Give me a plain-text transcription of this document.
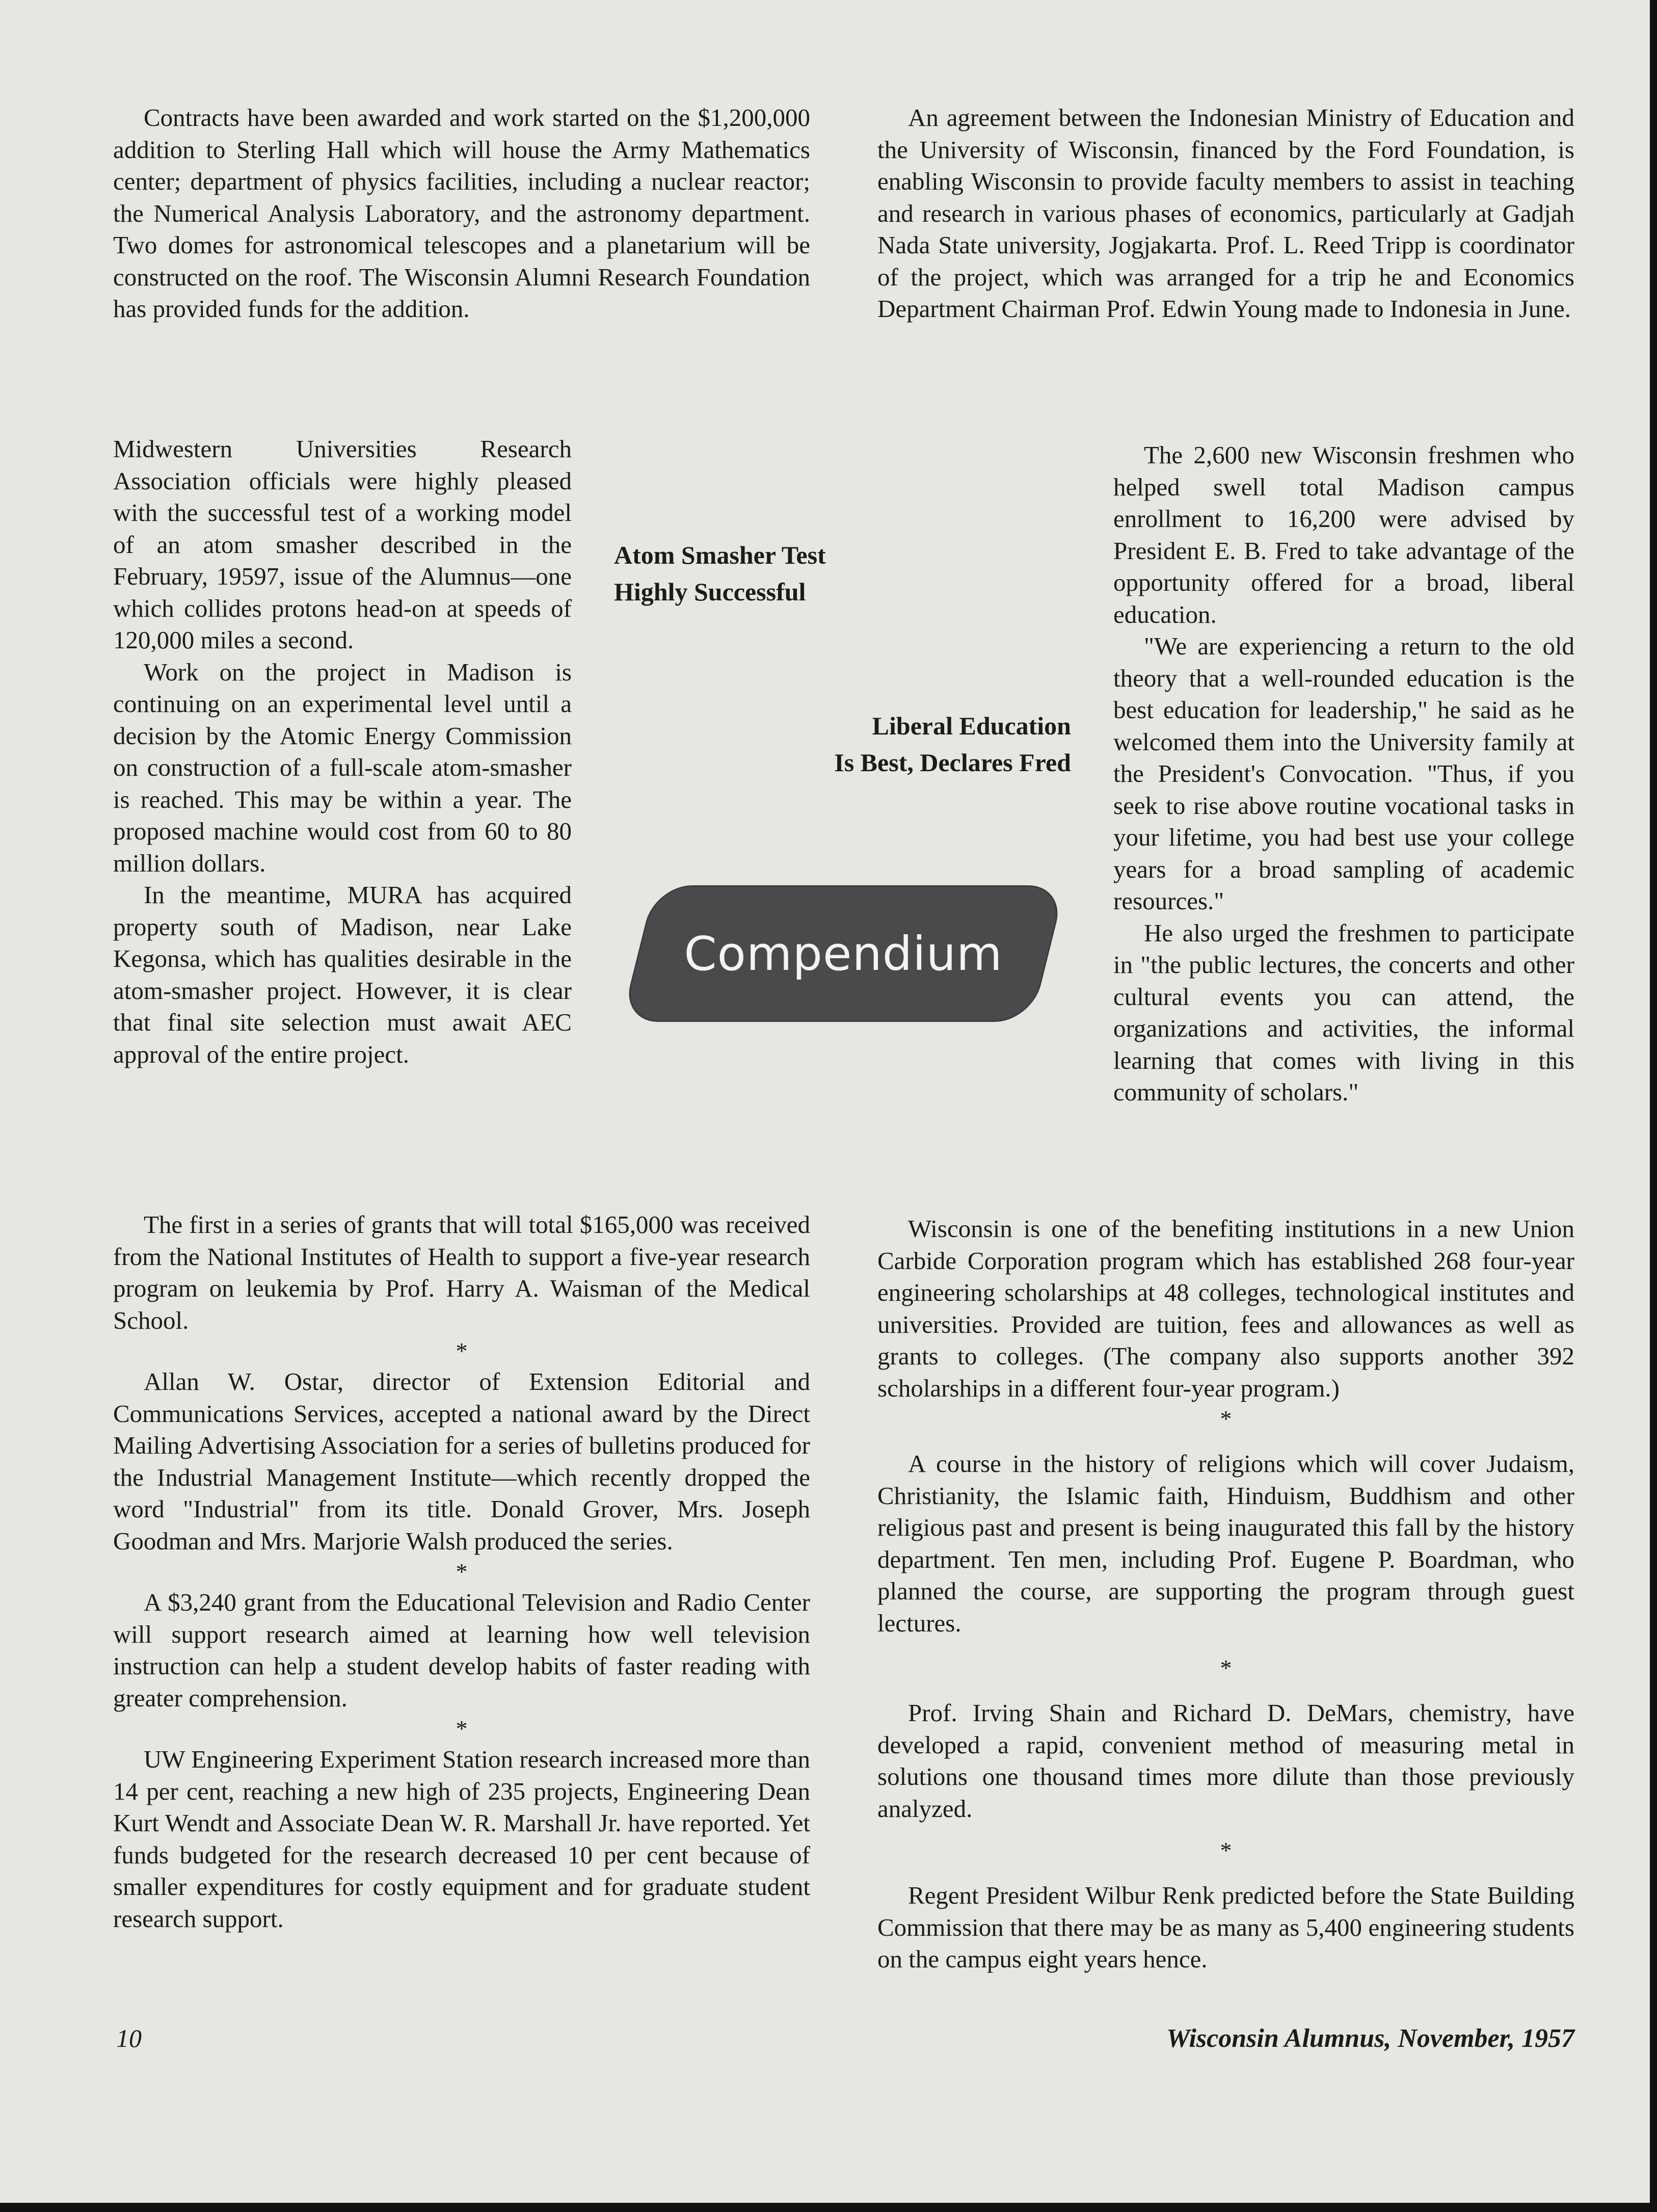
Contracts have been awarded and work started on the $1,200,000 addition to Sterling Hall which will house the Army Mathematics center; department of physics facilities, including a nuclear reactor; the Numerical Analysis Laboratory, and the astronomy department. Two domes for astronomical telescopes and a planetarium will be constructed on the roof. The Wisconsin Alumni Research Foundation has provided funds for the addition.

An agreement between the Indonesian Ministry of Education and the University of Wisconsin, financed by the Ford Foundation, is enabling Wisconsin to provide faculty members to assist in teaching and research in various phases of economics, particularly at Gadjah Nada State university, Jogjakarta. Prof. L. Reed Tripp is coordinator of the project, which was arranged for a trip he and Economics Department Chairman Prof. Edwin Young made to Indonesia in June.

Midwestern Universities Research Association officials were highly pleased with the successful test of a working model of an atom smasher described in the February, 19597, issue of the Alumnus—one which collides protons head-on at speeds of 120,000 miles a second.

Work on the project in Madison is continuing on an experimental level until a decision by the Atomic Energy Commission on construction of a full-scale atom-smasher is reached. This may be within a year. The proposed machine would cost from 60 to 80 million dollars.

In the meantime, MURA has acquired property south of Madison, near Lake Kegonsa, which has qualities desirable in the atom-smasher project. However, it is clear that final site selection must await AEC approval of the entire project.

Atom Smasher Test
Highly Successful
Liberal Education
Is Best, Declares Fred
Compendium

The 2,600 new Wisconsin freshmen who helped swell total Madison campus enrollment to 16,200 were advised by President E. B. Fred to take advantage of the opportunity offered for a broad, liberal education.

"We are experiencing a return to the old theory that a well-rounded education is the best education for leadership," he said as he welcomed them into the University family at the President's Convocation. "Thus, if you seek to rise above routine vocational tasks in your lifetime, you had best use your college years for a broad sampling of academic resources."

He also urged the freshmen to participate in "the public lectures, the concerts and other cultural events you can attend, the organizations and activities, the informal learning that comes with living in this community of scholars."

The first in a series of grants that will total $165,000 was received from the National Institutes of Health to support a five-year research program on leukemia by Prof. Harry A. Waisman of the Medical School.

*

Allan W. Ostar, director of Extension Editorial and Communications Services, accepted a national award by the Direct Mailing Advertising Association for a series of bulletins produced for the Industrial Management Institute—which recently dropped the word "Industrial" from its title. Donald Grover, Mrs. Joseph Goodman and Mrs. Marjorie Walsh produced the series.

*

A $3,240 grant from the Educational Television and Radio Center will support research aimed at learning how well television instruction can help a student develop habits of faster reading with greater comprehension.

*

UW Engineering Experiment Station research increased more than 14 per cent, reaching a new high of 235 projects, Engineering Dean Kurt Wendt and Associate Dean W. R. Marshall Jr. have reported. Yet funds budgeted for the research decreased 10 per cent because of smaller expenditures for costly equipment and for graduate student research support.

Wisconsin is one of the benefiting institutions in a new Union Carbide Corporation program which has established 268 four-year engineering scholarships at 48 colleges, technological institutes and universities. Provided are tuition, fees and allowances as well as grants to colleges. (The company also supports another 392 scholarships in a different four-year program.)

*

A course in the history of religions which will cover Judaism, Christianity, the Islamic faith, Hinduism, Buddhism and other religious past and present is being inaugurated this fall by the history department. Ten men, including Prof. Eugene P. Boardman, who planned the course, are supporting the program through guest lectures.

*

Prof. Irving Shain and Richard D. DeMars, chemistry, have developed a rapid, convenient method of measuring metal in solutions one thousand times more dilute than those previously analyzed.

*

Regent President Wilbur Renk predicted before the State Building Commission that there may be as many as 5,400 engineering students on the campus eight years hence.

10	Wisconsin Alumnus, November, 1957
